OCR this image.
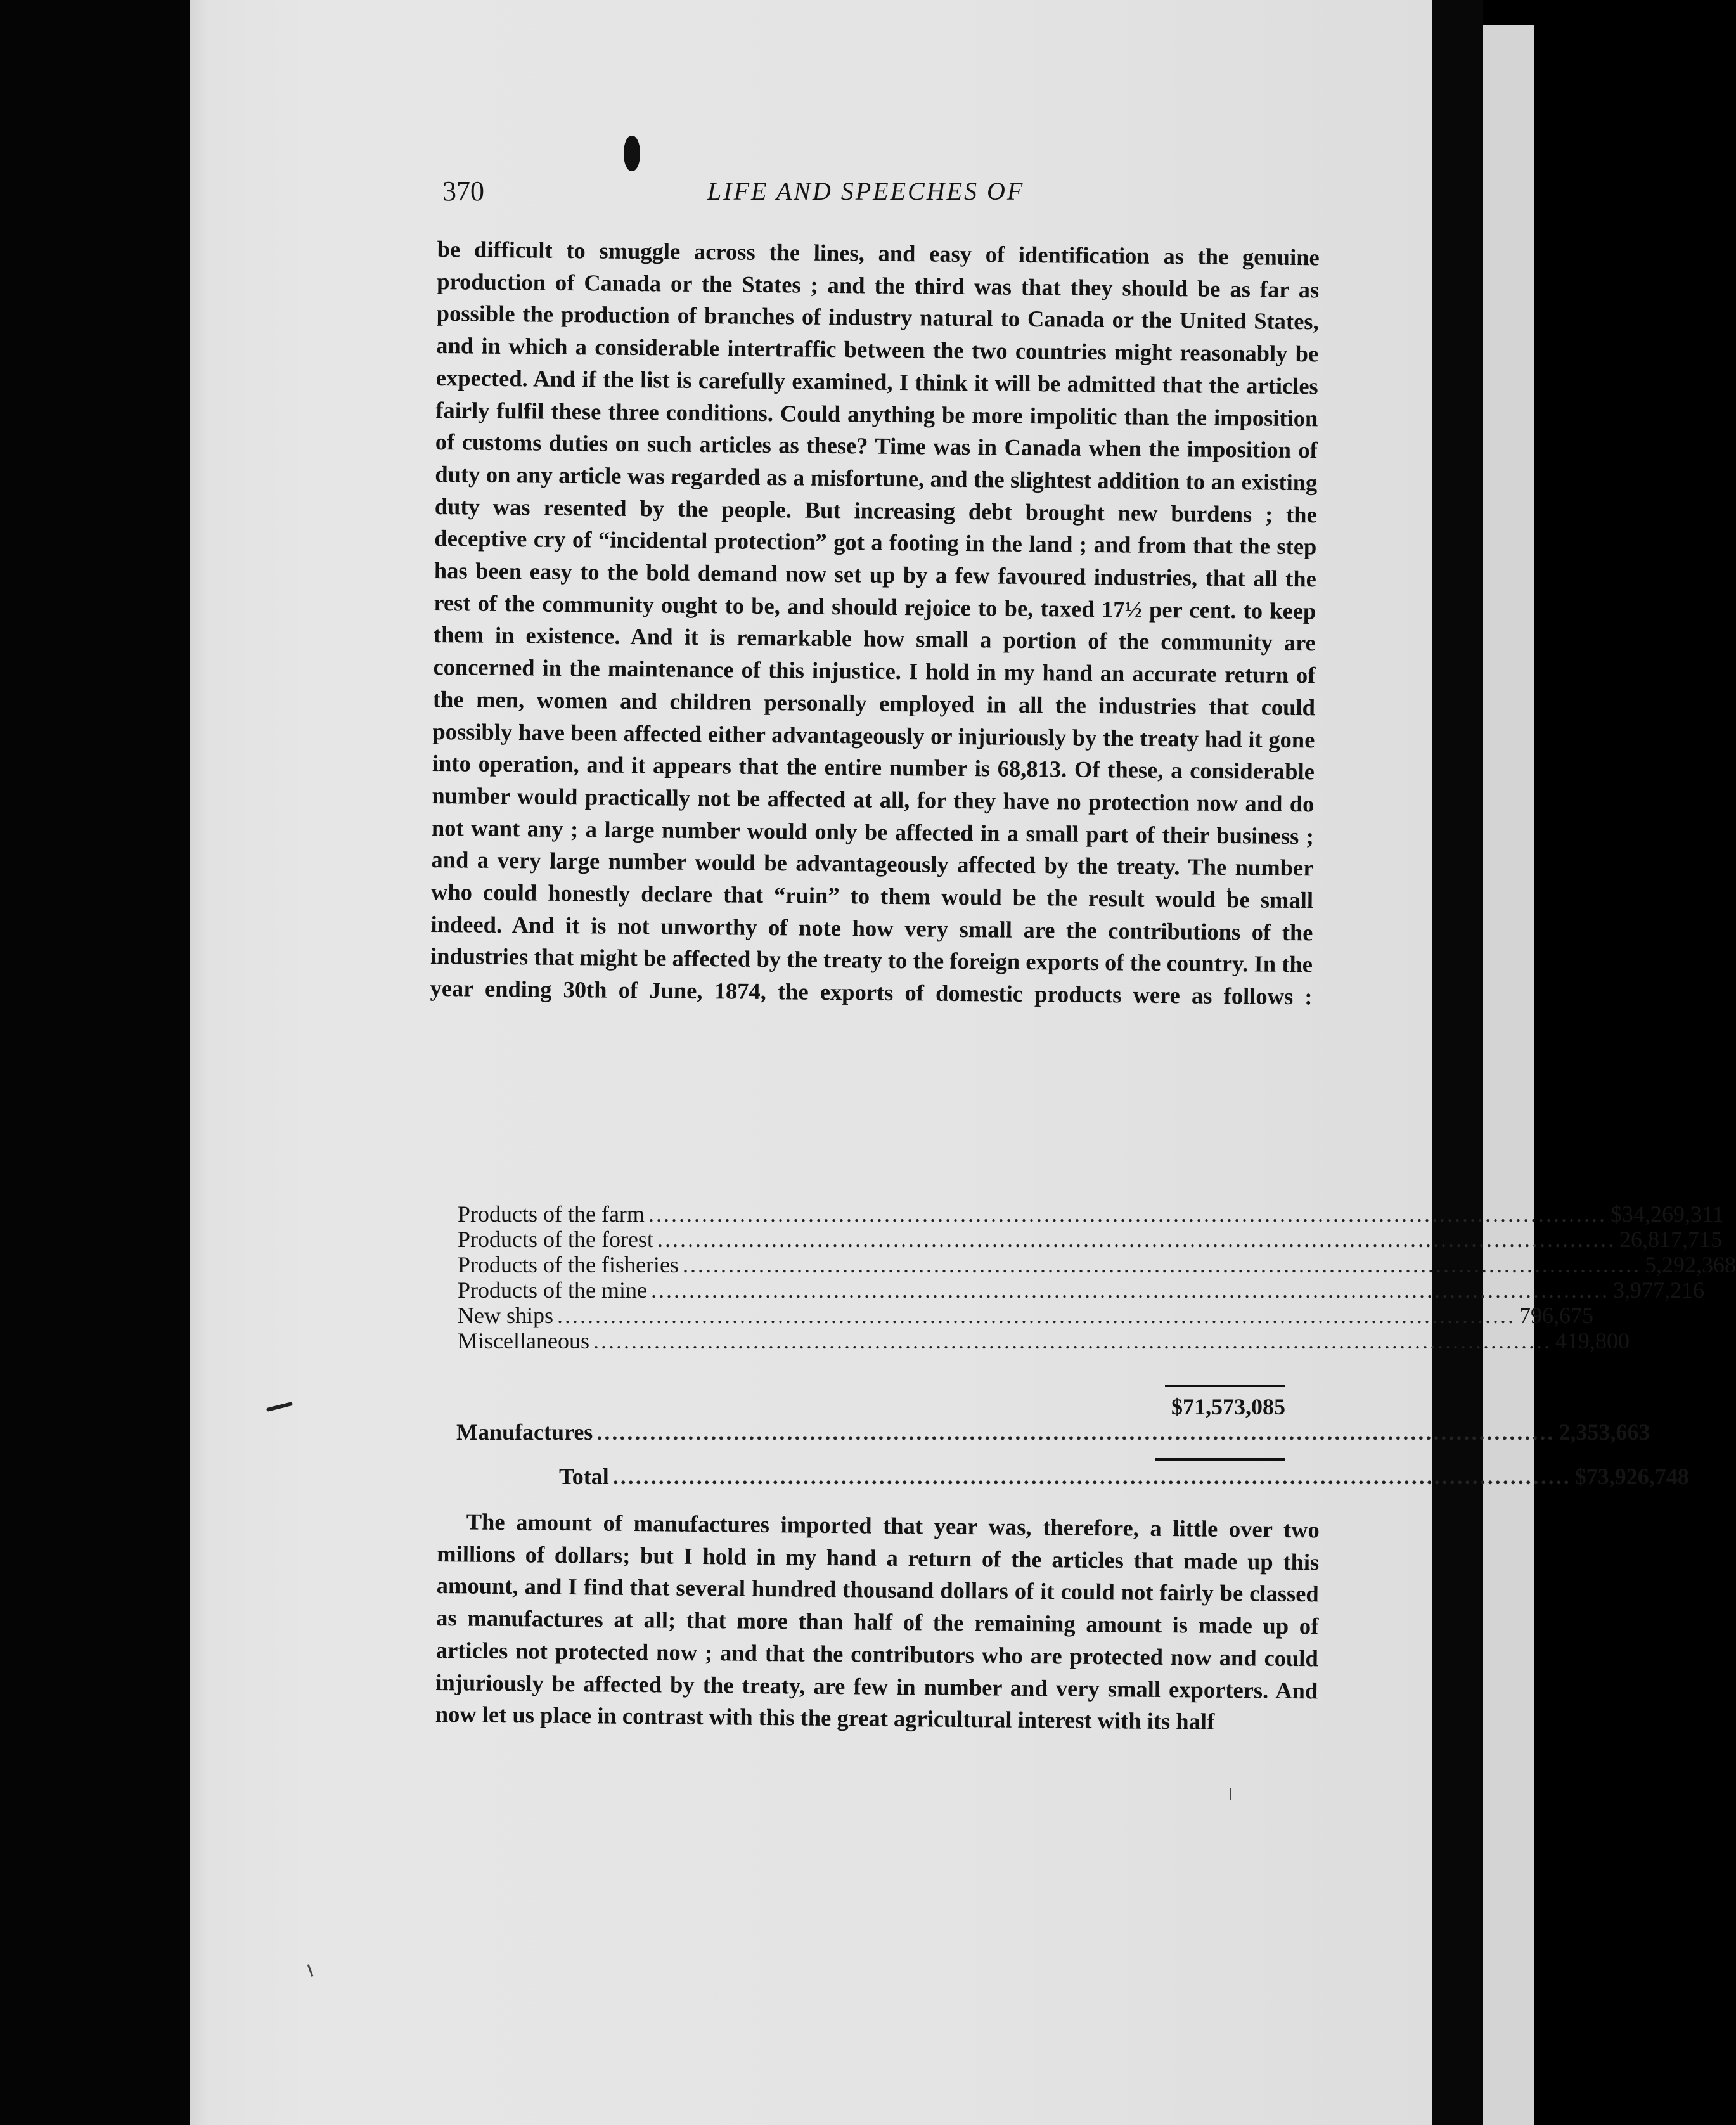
370	LIFE AND SPEECHES OF

be difficult to smuggle across the lines, and easy of identification as the genuine production of Canada or the States ; and the third was that they should be as far as possible the production of branches of industry natural to Canada or the United States, and in which a considerable intertraffic between the two countries might reasonably be expected. And if the list is carefully examined, I think it will be admitted that the articles fairly fulfil these three conditions. Could anything be more impolitic than the imposition of customs duties on such articles as these? Time was in Canada when the imposition of duty on any article was regarded as a misfortune, and the slightest addition to an existing duty was resented by the people. But increasing debt brought new burdens ; the deceptive cry of “incidental protection” got a footing in the land ; and from that the step has been easy to the bold demand now set up by a few favoured industries, that all the rest of the community ought to be, and should rejoice to be, taxed 17½ per cent. to keep them in existence. And it is remarkable how small a portion of the community are concerned in the maintenance of this injustice. I hold in my hand an accurate return of the men, women and children personally employed in all the industries that could possibly have been affected either advantageously or injuriously by the treaty had it gone into operation, and it appears that the entire number is 68,813. Of these, a considerable number would practically not be affected at all, for they have no protection now and do not want any ; a large number would only be affected in a small part of their business ; and a very large number would be advantageously affected by the treaty. The number who could honestly declare that “ruin” to them would be the result would be small indeed. And it is not unworthy of note how very small are the contributions of the industries that might be affected by the treaty to the foreign exports of the country. In the year ending 30th of June, 1874, the exports of domestic products were as follows :

Products of the farm .............................................................................................................................. $34,269,311
Products of the forest .............................................................................................................................. 26,817,715
Products of the fisheries .............................................................................................................................. 5,292,368
Products of the mine .............................................................................................................................. 3,977,216
New ships .............................................................................................................................. 796,675
Miscellaneous .............................................................................................................................. 419,800
$71,573,085
Manufactures .............................................................................................................................. 2,353,663
Total .............................................................................................................................. $73,926,748

The amount of manufactures imported that year was, therefore, a little over two millions of dollars; but I hold in my hand a return of the articles that made up this amount, and I find that several hundred thousand dollars of it could not fairly be classed as manufactures at all; that more than half of the remaining amount is made up of articles not protected now ; and that the contributors who are protected now and could injuriously be affected by the treaty, are few in number and very small exporters. And now let us place in contrast with this the great agricultural interest with its half
